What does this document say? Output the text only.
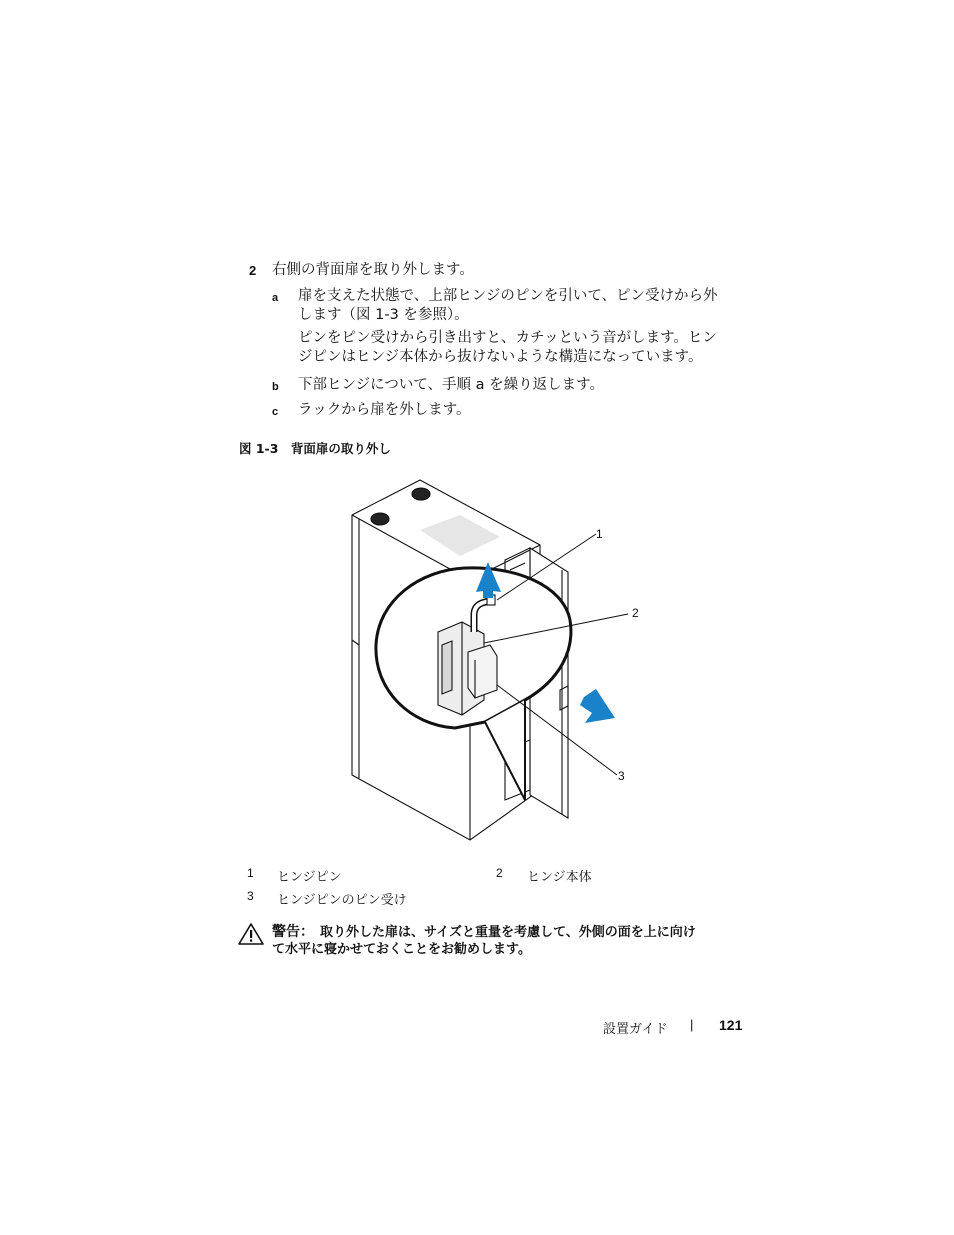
2 右側の背面扉を取り外します。
a 扉を支えた状態で、上部ヒンジのピンを引いて、ピン受けから外
します（図 1-3 を参照）。
ピンをピン受けから引き出すと、カチッという音がします。ヒン
ジピンはヒンジ本体から抜けないような構造になっています。
b 下部ヒンジについて、手順 a を繰り返します。
c ラックから扉を外します。
図 1-3　背面扉の取り外し
1
2
3
1 ヒンジピン	2 ヒンジ本体
3 ヒンジピンのピン受け
警告： 取り外した扉は、サイズと重量を考慮して、外側の面を上に向け
て水平に寝かせておくことをお勧めします。
設置ガイド | 121
